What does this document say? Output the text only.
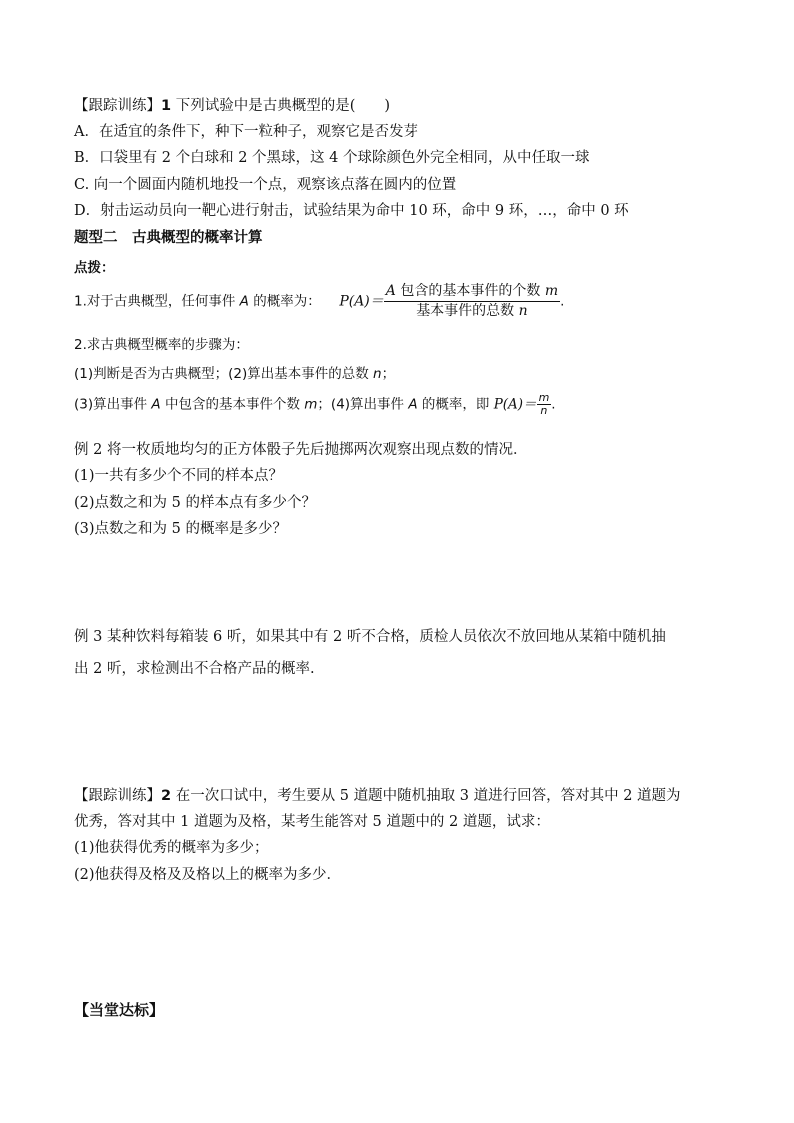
【跟踪训练】1 下列试验中是古典概型的是(　　)
A．在适宜的条件下，种下一粒种子，观察它是否发芽
B．口袋里有 2 个白球和 2 个黑球，这 4 个球除颜色外完全相同，从中任取一球
C. 向一个圆面内随机地投一个点，观察该点落在圆内的位置
D．射击运动员向一靶心进行射击，试验结果为命中 10 环，命中 9 环，…，命中 0 环
题型二　古典概型的概率计算
点拨：
1.对于古典概型，任何事件 A 的概率为： $P(A)= \frac{\text{A 包含的基本事件的个数 m}}{\text{基本事件的总数 n}}$ .
2.求古典概型概率的步骤为：
(1)判断是否为古典概型；(2)算出基本事件的总数 n；
(3)算出事件 A 中包含的基本事件个数 m；(4)算出事件 A 的概率，即 $P(A)= \frac{m}{n}$ .
例 2 将一枚质地均匀的正方体骰子先后抛掷两次观察出现点数的情况．
(1)一共有多少个不同的样本点？
(2)点数之和为 5 的样本点有多少个？
(3)点数之和为 5 的概率是多少？
例 3 某种饮料每箱装 6 听，如果其中有 2 听不合格，质检人员依次不放回地从某箱中随机抽
出 2 听，求检测出不合格产品的概率.
【跟踪训练】2 在一次口试中，考生要从 5 道题中随机抽取 3 道进行回答，答对其中 2 道题为
优秀，答对其中 1 道题为及格，某考生能答对 5 道题中的 2 道题，试求：
(1)他获得优秀的概率为多少；
(2)他获得及格及及格以上的概率为多少．
【当堂达标】
